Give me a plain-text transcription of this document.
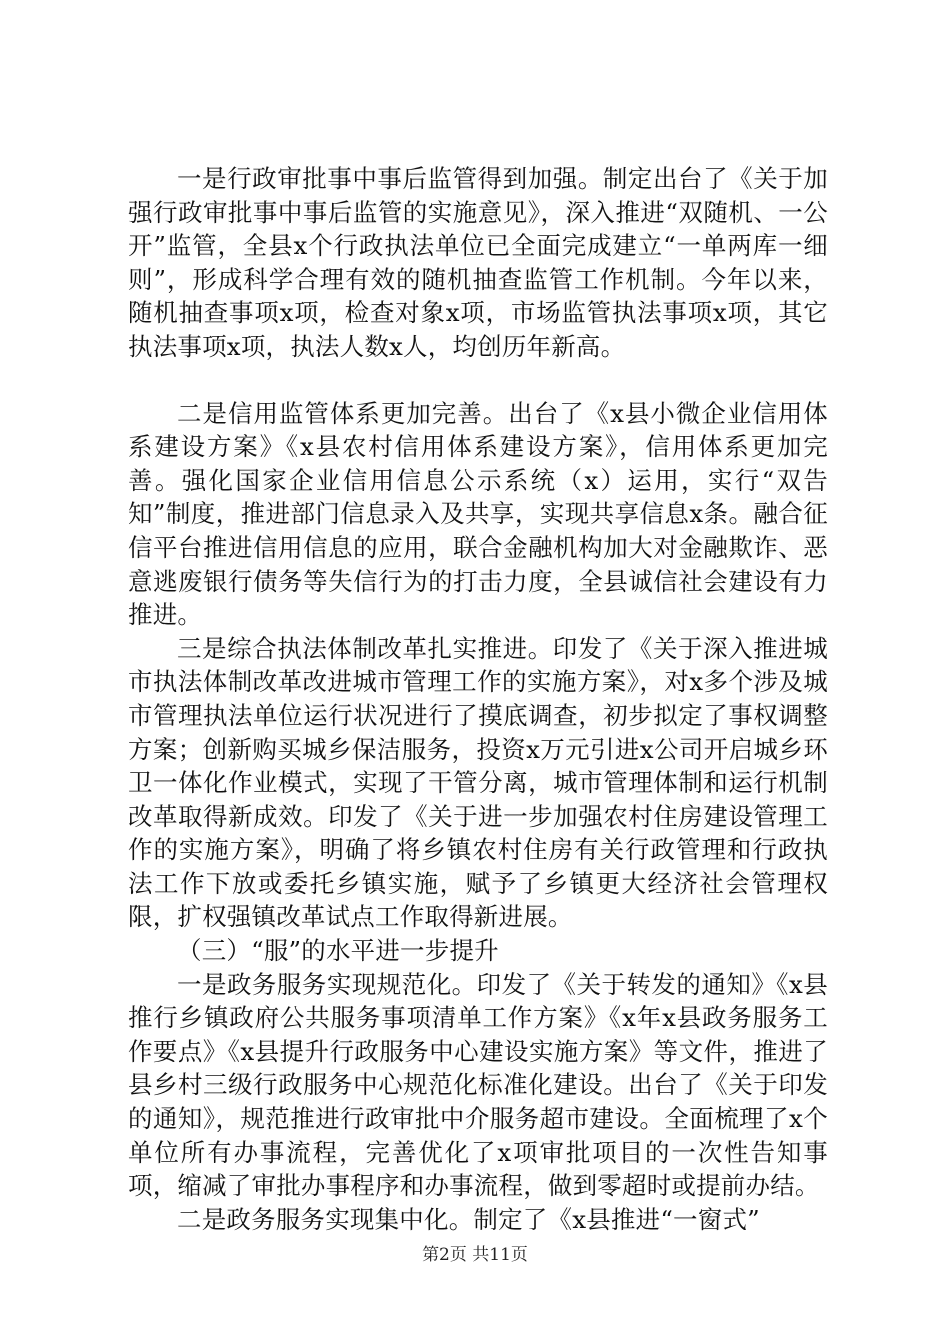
一是行政审批事中事后监管得到加强。制定出台了《关于加强行政审批事中事后监管的实施意见》，深入推进“双随机、一公开”监管，全县x个行政执法单位已全面完成建立“一单两库一细则”，形成科学合理有效的随机抽查监管工作机制。今年以来，随机抽查事项x项，检查对象x项，市场监管执法事项x项，其它执法事项x项，执法人数x人，均创历年新高。

二是信用监管体系更加完善。出台了《x县小微企业信用体系建设方案》《x县农村信用体系建设方案》，信用体系更加完善。强化国家企业信用信息公示系统（x）运用，实行“双告知”制度，推进部门信息录入及共享，实现共享信息x条。融合征信平台推进信用信息的应用，联合金融机构加大对金融欺诈、恶意逃废银行债务等失信行为的打击力度，全县诚信社会建设有力推进。

三是综合执法体制改革扎实推进。印发了《关于深入推进城市执法体制改革改进城市管理工作的实施方案》，对x多个涉及城市管理执法单位运行状况进行了摸底调查，初步拟定了事权调整方案；创新购买城乡保洁服务，投资x万元引进x公司开启城乡环卫一体化作业模式，实现了干管分离，城市管理体制和运行机制改革取得新成效。印发了《关于进一步加强农村住房建设管理工作的实施方案》，明确了将乡镇农村住房有关行政管理和行政执法工作下放或委托乡镇实施，赋予了乡镇更大经济社会管理权限，扩权强镇改革试点工作取得新进展。

（三）“服”的水平进一步提升

一是政务服务实现规范化。印发了《关于转发的通知》《x县推行乡镇政府公共服务事项清单工作方案》《x年x县政务服务工作要点》《x县提升行政服务中心建设实施方案》等文件，推进了县乡村三级行政服务中心规范化标准化建设。出台了《关于印发的通知》，规范推进行政审批中介服务超市建设。全面梳理了x个单位所有办事流程，完善优化了x项审批项目的一次性告知事项，缩减了审批办事程序和办事流程，做到零超时或提前办结。

二是政务服务实现集中化。制定了《x县推进“一窗式”

第2页 共11页
